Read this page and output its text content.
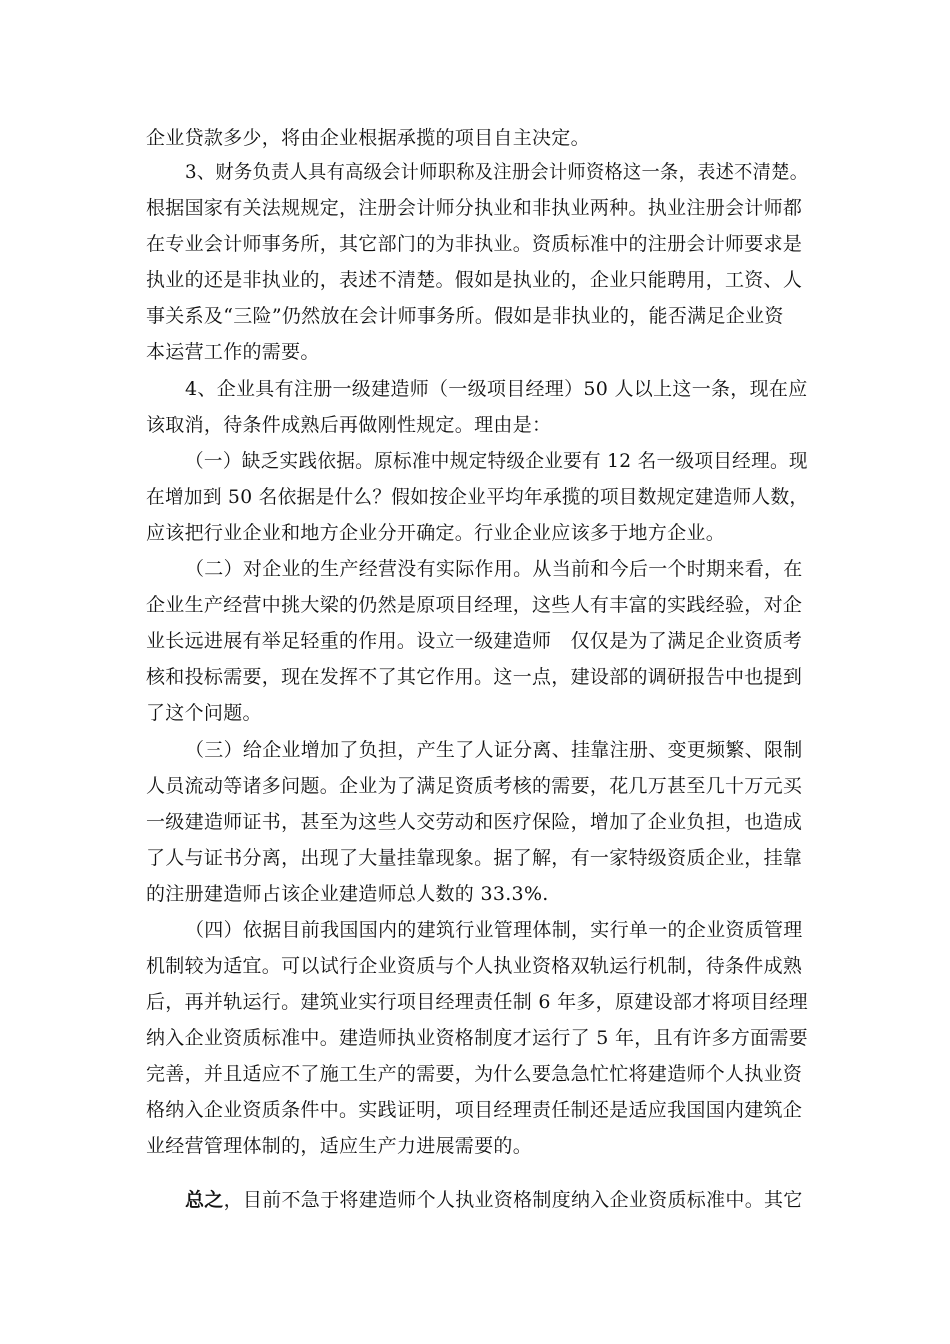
企业贷款多少，将由企业根据承揽的项目自主决定。
3、财务负责人具有高级会计师职称及注册会计师资格这一条，表述不清楚。
根据国家有关法规规定，注册会计师分执业和非执业两种。执业注册会计师都
在专业会计师事务所，其它部门的为非执业。资质标准中的注册会计师要求是
执业的还是非执业的，表述不清楚。假如是执业的，企业只能聘用，工资、人
事关系及“三险”仍然放在会计师事务所。假如是非执业的，能否满足企业资
本运营工作的需要。
4、企业具有注册一级建造师（一级项目经理）50 人以上这一条，现在应
该取消，待条件成熟后再做刚性规定。理由是：
（一）缺乏实践依据。原标准中规定特级企业要有 12 名一级项目经理。现
在增加到 50 名依据是什么？假如按企业平均年承揽的项目数规定建造师人数，
应该把行业企业和地方企业分开确定。行业企业应该多于地方企业。
（二）对企业的生产经营没有实际作用。从当前和今后一个时期来看，在
企业生产经营中挑大梁的仍然是原项目经理，这些人有丰富的实践经验，对企
业长远进展有举足轻重的作用。设立一级建造师　仅仅是为了满足企业资质考
核和投标需要，现在发挥不了其它作用。这一点，建设部的调研报告中也提到
了这个问题。
（三）给企业增加了负担，产生了人证分离、挂靠注册、变更频繁、限制
人员流动等诸多问题。企业为了满足资质考核的需要，花几万甚至几十万元买
一级建造师证书，甚至为这些人交劳动和医疗保险，增加了企业负担，也造成
了人与证书分离，出现了大量挂靠现象。据了解，有一家特级资质企业，挂靠
的注册建造师占该企业建造师总人数的 33.3%.
（四）依据目前我国国内的建筑行业管理体制，实行单一的企业资质管理
机制较为适宜。可以试行企业资质与个人执业资格双轨运行机制，待条件成熟
后，再并轨运行。建筑业实行项目经理责任制 6 年多，原建设部才将项目经理
纳入企业资质标准中。建造师执业资格制度才运行了 5 年，且有许多方面需要
完善，并且适应不了施工生产的需要，为什么要急急忙忙将建造师个人执业资
格纳入企业资质条件中。实践证明，项目经理责任制还是适应我国国内建筑企
业经营管理体制的，适应生产力进展需要的。
总之，目前不急于将建造师个人执业资格制度纳入企业资质标准中。其它
